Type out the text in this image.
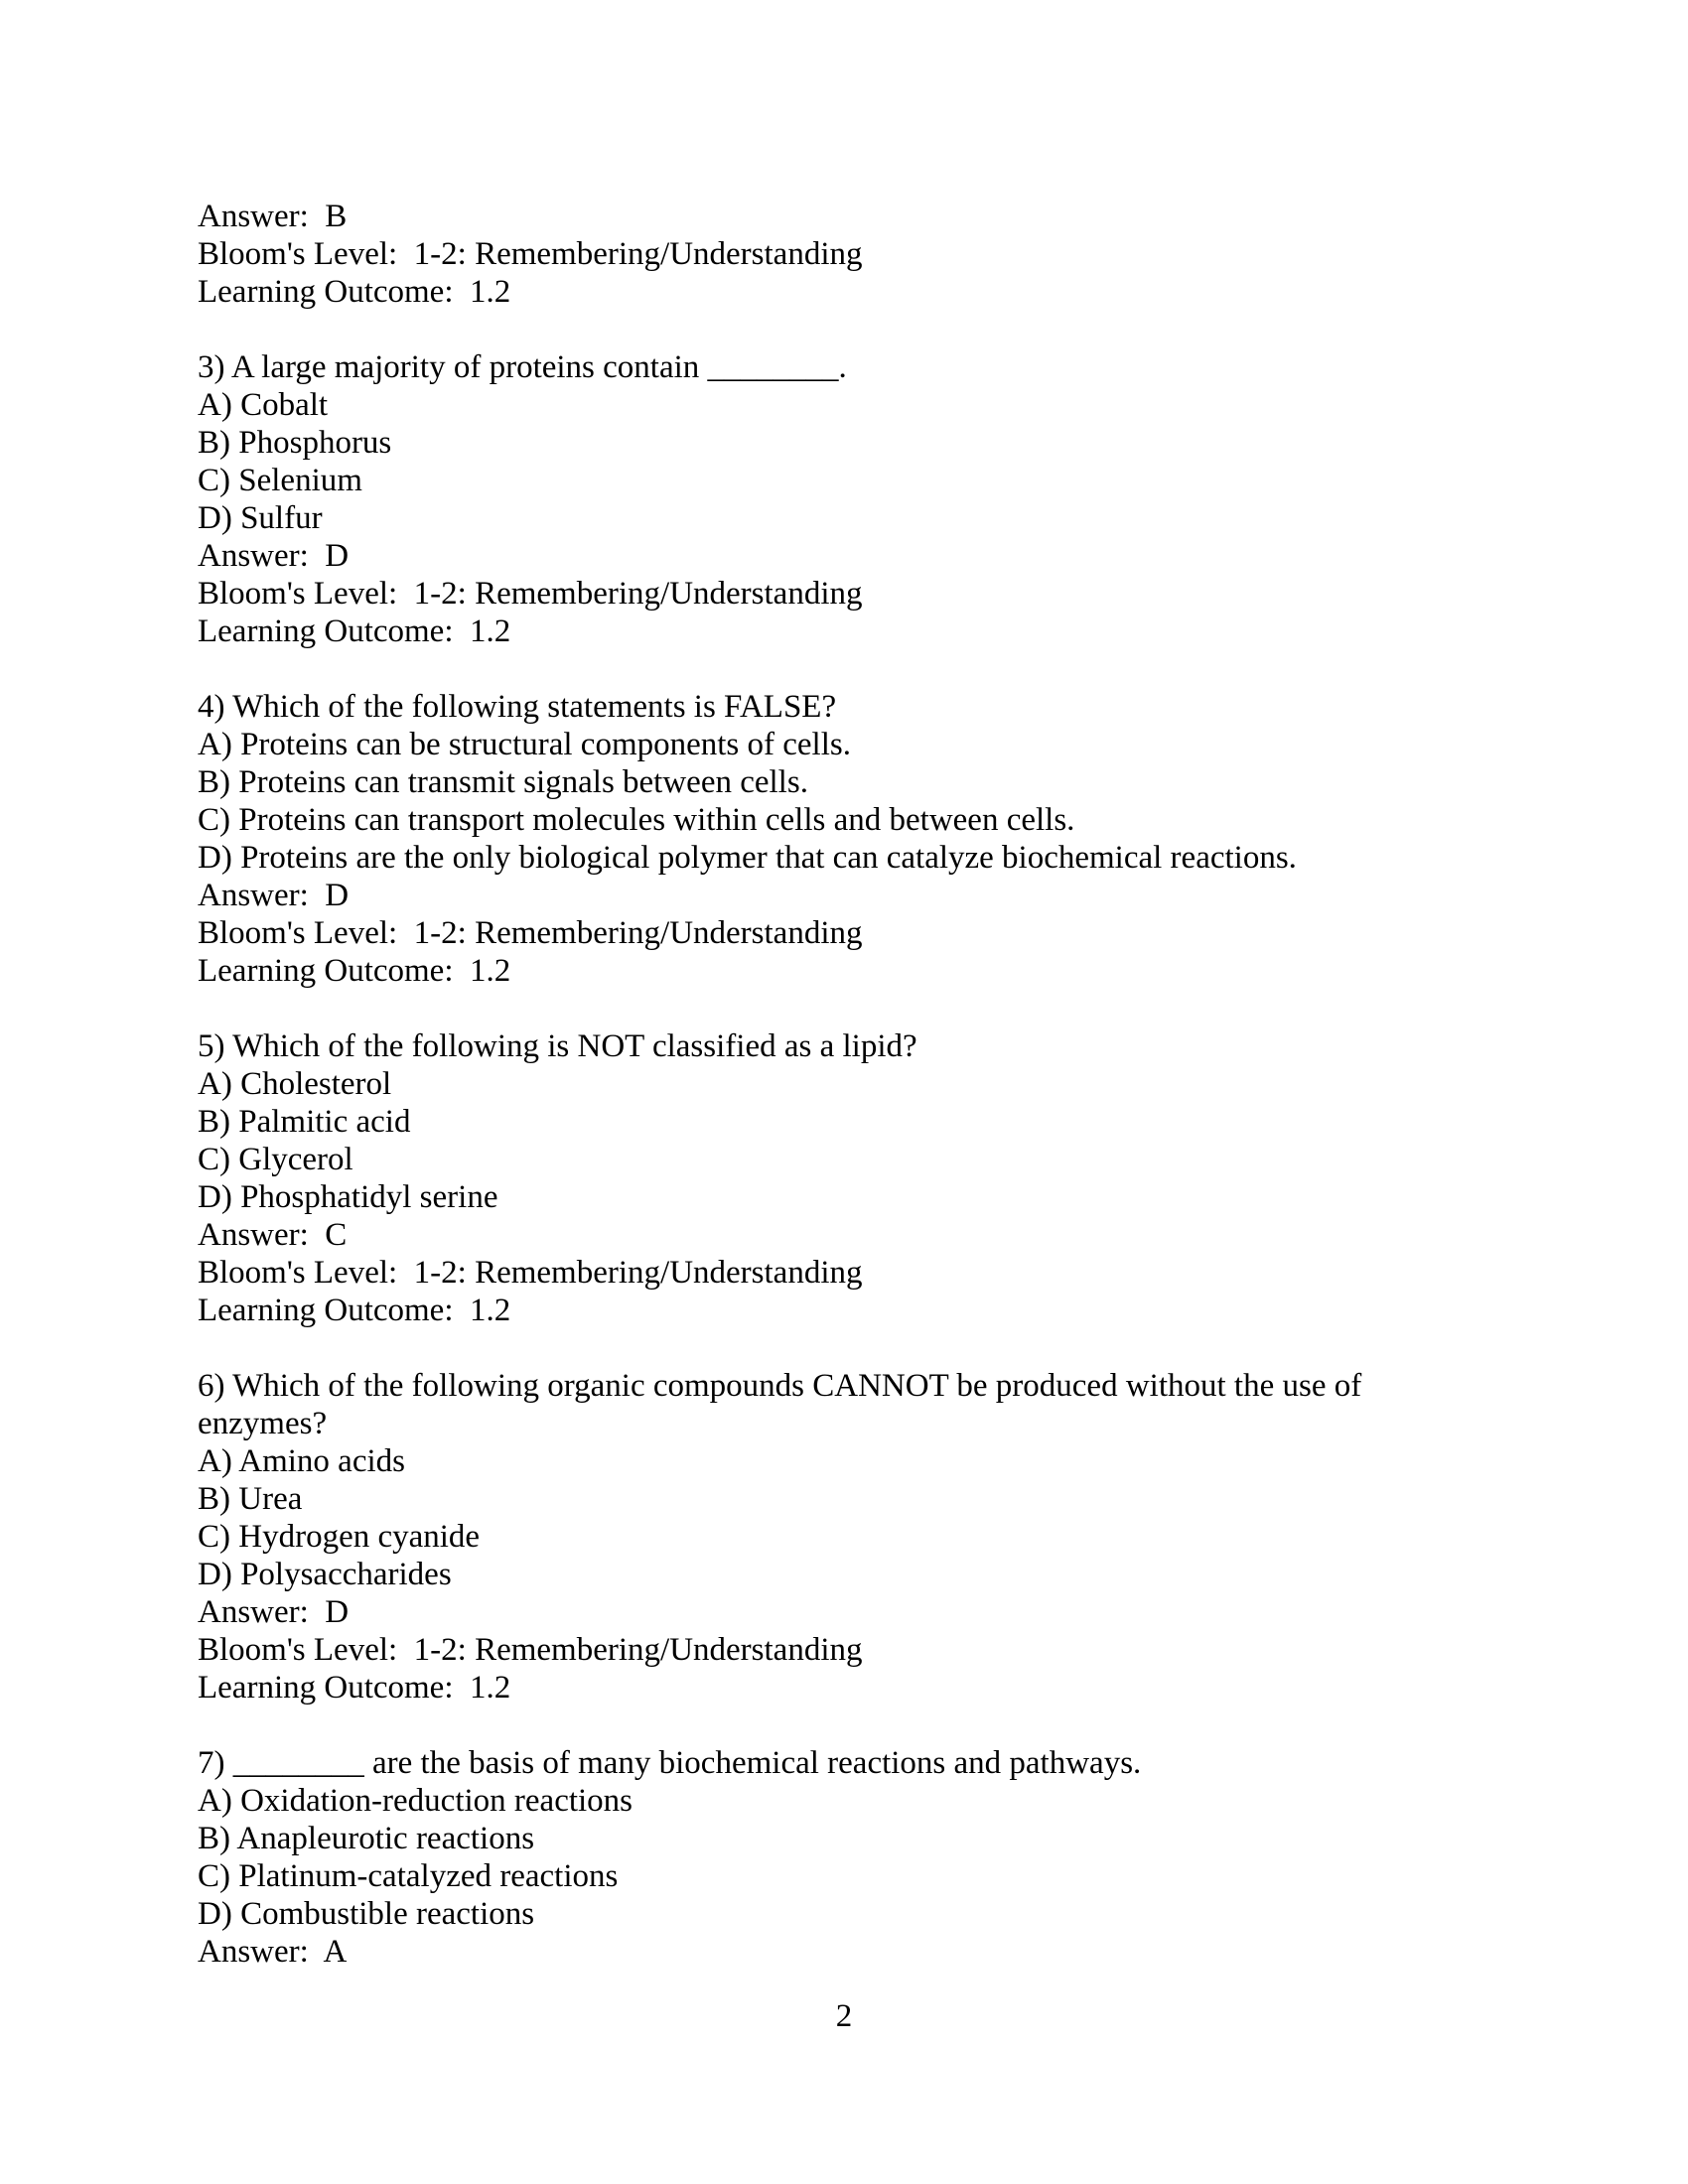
Answer:  B
Bloom's Level:  1-2: Remembering/Understanding
Learning Outcome:  1.2
3) A large majority of proteins contain ________.
A) Cobalt
B) Phosphorus
C) Selenium
D) Sulfur
Answer:  D
Bloom's Level:  1-2: Remembering/Understanding
Learning Outcome:  1.2
4) Which of the following statements is FALSE?
A) Proteins can be structural components of cells.
B) Proteins can transmit signals between cells.
C) Proteins can transport molecules within cells and between cells.
D) Proteins are the only biological polymer that can catalyze biochemical reactions.
Answer:  D
Bloom's Level:  1-2: Remembering/Understanding
Learning Outcome:  1.2
5) Which of the following is NOT classified as a lipid?
A) Cholesterol
B) Palmitic acid
C) Glycerol
D) Phosphatidyl serine
Answer:  C
Bloom's Level:  1-2: Remembering/Understanding
Learning Outcome:  1.2
6) Which of the following organic compounds CANNOT be produced without the use of enzymes?
A) Amino acids
B) Urea
C) Hydrogen cyanide
D) Polysaccharides
Answer:  D
Bloom's Level:  1-2: Remembering/Understanding
Learning Outcome:  1.2
7) ________ are the basis of many biochemical reactions and pathways.
A) Oxidation-reduction reactions
B) Anapleurotic reactions
C) Platinum-catalyzed reactions
D) Combustible reactions
Answer:  A
2
